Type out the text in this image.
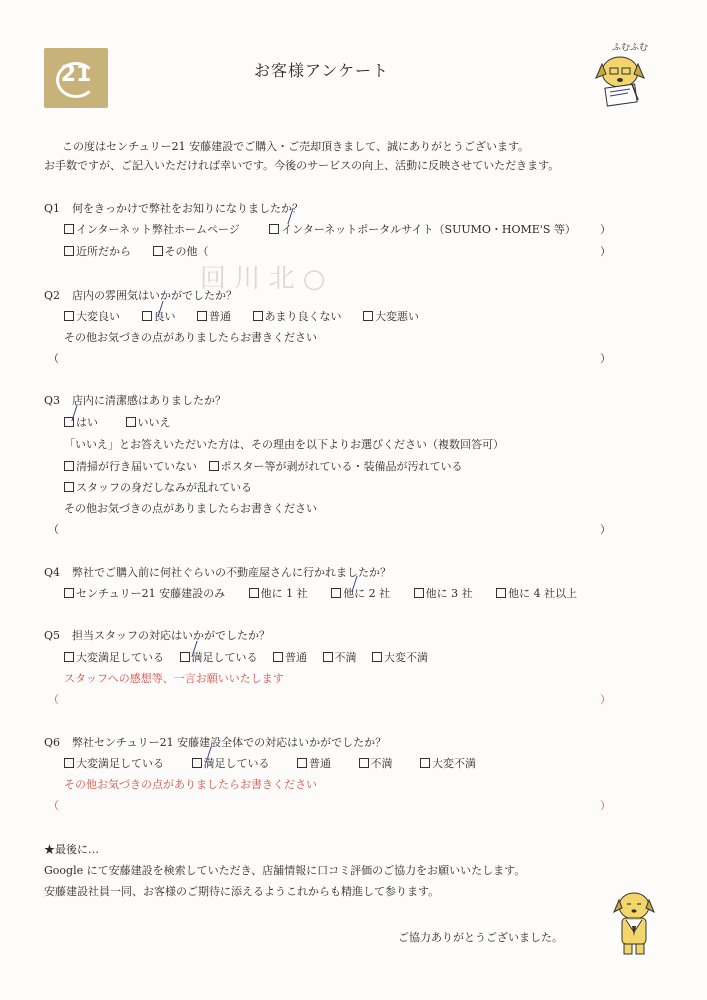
21	お客様アンケート
ふむふむ
この度はセンチュリー21 安藤建設でご購入・ご売却頂きまして、誠にありがとうございます。
お手数ですが、ご記入いただければ幸いです。今後のサービスの向上、活動に反映させていただきます。
Q1 何をきっかけで弊社をお知りになりましたか？
インターネット弊社ホームページ	インターネットポータルサイト（SUUMO・HOME'S 等）	）
近所だから	その他（	）
回 川 北 ○
Q2 店内の雰囲気はいかがでしたか？
大変良い	良い	普通	あまり良くない	大変悪い
その他お気づきの点がありましたらお書きください
（	）
Q3 店内に清潔感はありましたか？
はい	いいえ
「いいえ」とお答えいただいた方は、その理由を以下よりお選びください（複数回答可）
清掃が行き届いていない ポスター等が剥がれている・装備品が汚れている
スタッフの身だしなみが乱れている
その他お気づきの点がありましたらお書きください
（	）
Q4 弊社でご購入前に何社ぐらいの不動産屋さんに行かれましたか？
センチュリー21 安藤建設のみ	他に 1 社	他に 2 社	他に 3 社	他に 4 社以上
Q5 担当スタッフの対応はいかがでしたか？
大変満足している	満足している	普通	不満	大変不満
スタッフへの感想等、一言お願いいたします
（	）
Q6 弊社センチュリー21 安藤建設全体での対応はいかがでしたか？
大変満足している	満足している	普通	不満	大変不満
その他お気づきの点がありましたらお書きください
（	）
★最後に…
Google にて安藤建設を検索していただき、店舗情報に口コミ評価のご協力をお願いいたします。
安藤建設社員一同、お客様のご期待に添えるようこれからも精進して参ります。
ご協力ありがとうございました。
